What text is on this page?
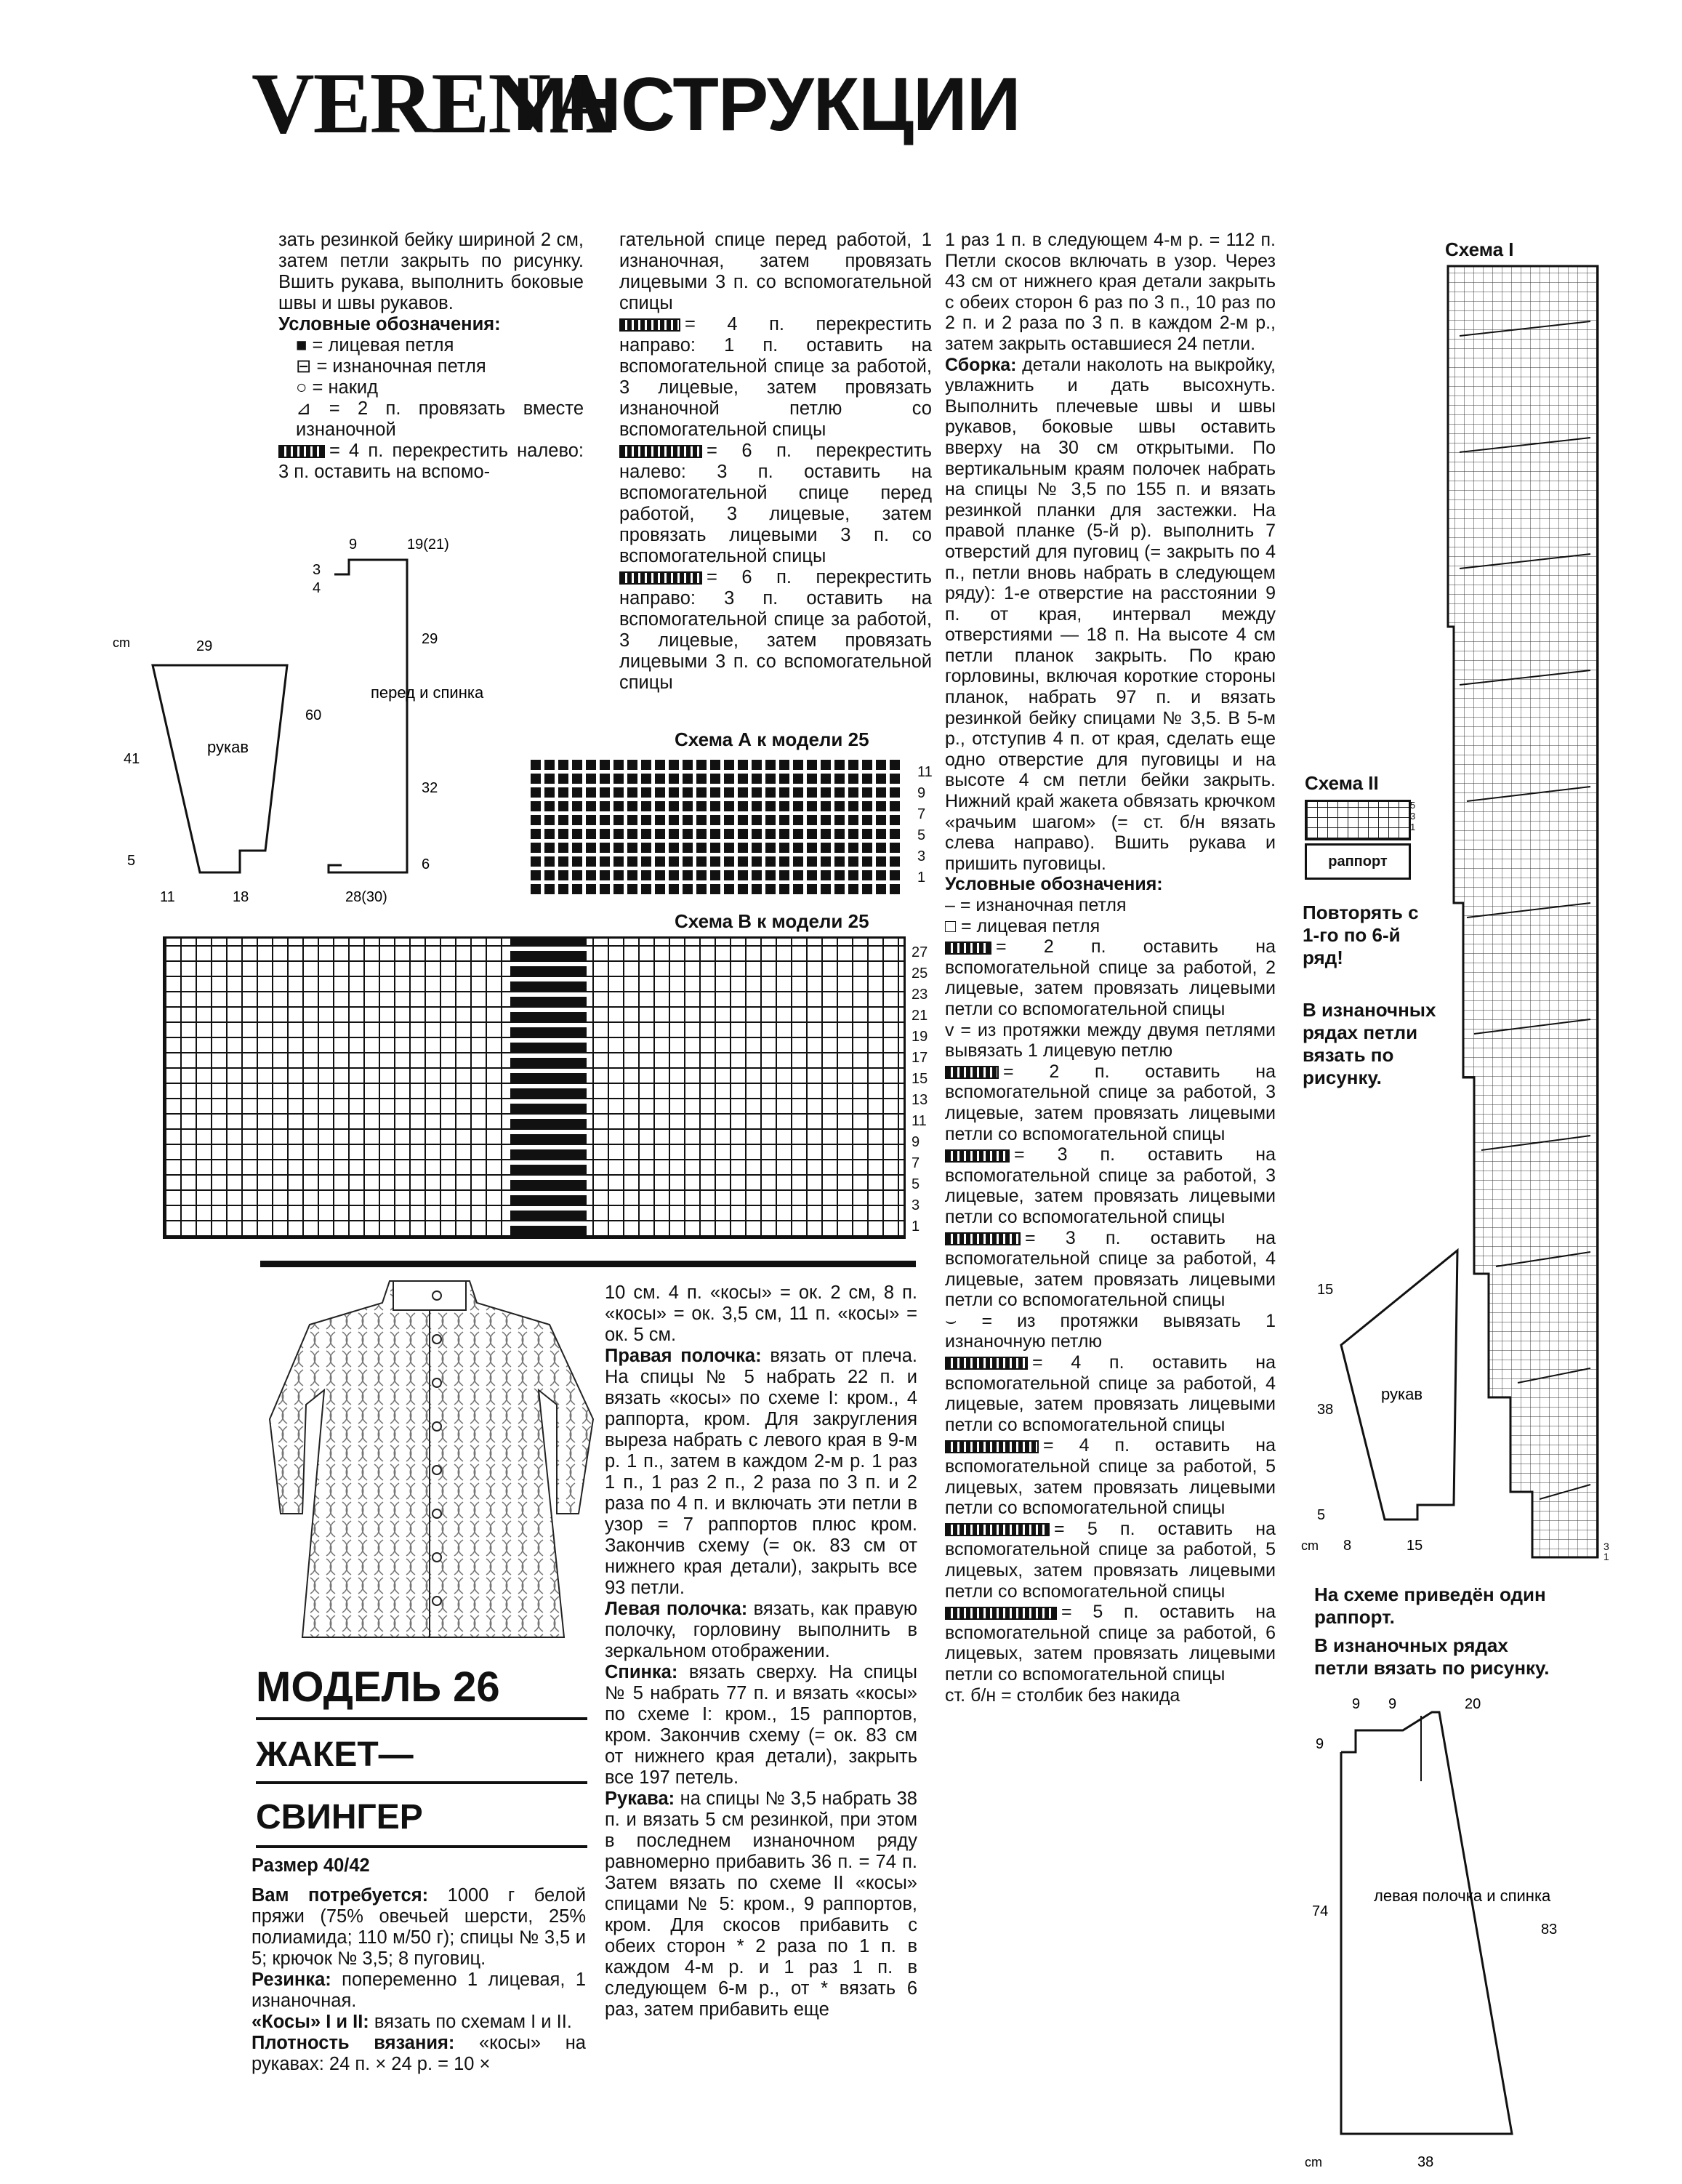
VERENA
ИНСТРУКЦИИ

зать резинкой бейку шириной 2 см, затем петли закрыть по рисунку. Вшить рукава, выполнить боковые швы и швы рукавов.

Условные обозначения:

■ = лицевая петля

⊟ = изнаночная петля

○ = накид

⊿ = 2 п. провязать вместе изнаночной

= 4 п. перекрестить налево: 3 п. оставить на вспомо-

гательной спице перед работой, 1 изнаночная, затем провязать лицевыми 3 п. со вспомогательной спицы

= 4 п. перекрестить направо: 1 п. оставить на вспомогательной спице за работой, 3 лицевые, затем провязать изнаночной петлю со вспомогательной спицы

= 6 п. перекрестить налево: 3 п. оставить на вспомогательной спице перед работой, 3 лицевые, затем провязать лицевыми 3 п. со вспомогательной спицы

= 6 п. перекрестить направо: 3 п. оставить на вспомогательной спице за работой, 3 лицевые, затем провязать лицевыми 3 п. со вспомогательной спицы

рукав
перед и спинка
29
41
5
11	18
9	19(21)
3
4
60
29
32
6
28(30)
cm
Схема А к модели 25
11
9
7
5
3
1
Схема В к модели 25
27
25
23
21
19
17
15
13
11
9
7
5
3
1

1 раз 1 п. в следующем 4-м р. = 112 п. Петли скосов включать в узор. Через 43 см от нижнего края детали закрыть с обеих сторон 6 раз по 3 п., 10 раз по 2 п. и 2 раза по 3 п. в каждом 2-м р., затем закрыть оставшиеся 24 петли.

Сборка: детали наколоть на выкройку, увлажнить и дать высохнуть. Выполнить плечевые швы и швы рукавов, боковые швы оставить вверху на 30 см открытыми. По вертикальным краям полочек набрать на спицы № 3,5 по 155 п. и вязать резинкой планки для застежки. На правой планке (5-й р). выполнить 7 отверстий для пуговиц (= закрыть по 4 п., петли вновь набрать в следующем ряду): 1-е отверстие на расстоянии 9 п. от края, интервал между отверстиями — 18 п. На высоте 4 см петли планок закрыть. По краю горловины, включая короткие стороны планок, набрать 97 п. и вязать резинкой бейку спицами № 3,5. В 5-м р., отступив 4 п. от края, сделать еще одно отверстие для пуговицы и на высоте 4 см петли бейки закрыть. Нижний край жакета обвязать крючком «рачьим шагом» (= ст. б/н вязать слева направо). Вшить рукава и пришить пуговицы.

Условные обозначения:

– = изнаночная петля

□ = лицевая петля

= 2 п. оставить на вспомогательной спице за работой, 2 лицевые, затем провязать лицевыми петли со вспомогательной спицы

v = из протяжки между двумя петлями вывязать 1 лицевую петлю

= 2 п. оставить на вспомогательной спице за работой, 3 лицевые, затем провязать лицевыми петли со вспомогательной спицы

= 3 п. оставить на вспомогательной спице за работой, 3 лицевые, затем провязать лицевыми петли со вспомогательной спицы

= 3 п. оставить на вспомогательной спице за работой, 4 лицевые, затем провязать лицевыми петли со вспомогательной спицы

⌣ = из протяжки вывязать 1 изнаночную петлю

= 4 п. оставить на вспомогательной спице за работой, 4 лицевые, затем провязать лицевыми петли со вспомогательной спицы

= 4 п. оставить на вспомогательной спице за работой, 5 лицевых, затем провязать лицевыми петли со вспомогательной спицы

= 5 п. оставить на вспомогательной спице за работой, 5 лицевых, затем провязать лицевыми петли со вспомогательной спицы

= 5 п. оставить на вспомогательной спице за работой, 6 лицевых, затем провязать лицевыми петли со вспомогательной спицы

ст. б/н = столбик без накида

Схема I
3
1
Схема II
раппорт
5
3
1
Повторять с 1-го по 6-й ряд!
В изнаночных рядах петли вязать по рисунку.
рукав
15
38
5
cm 8	15
На схеме приведён один раппорт.
В изнаночных рядах петли вязать по рисунку.
левая полочка и спинка
9 9	20
9
74
83
38
cm
МОДЕЛЬ 26
ЖАКЕТ—
СВИНГЕР

Размер 40/42

Вам потребуется: 1000 г белой пряжи (75% овечьей шерсти, 25% полиамида; 110 м/50 г); спицы № 3,5 и 5; крючок № 3,5; 8 пуговиц.

Резинка: попеременно 1 лицевая, 1 изнаночная.

«Косы» I и II: вязать по схемам I и II.

Плотность вязания: «косы» на рукавах: 24 п. × 24 р. = 10 ×

10 см. 4 п. «косы» = ок. 2 см, 8 п. «косы» = ок. 3,5 см, 11 п. «косы» = ок. 5 см.

Правая полочка: вязать от плеча. На спицы № 5 набрать 22 п. и вязать «косы» по схеме I: кром., 4 раппорта, кром. Для закругления выреза набрать с левого края в 9-м р. 1 п., затем в каждом 2-м р. 1 раз 1 п., 1 раз 2 п., 2 раза по 3 п. и 2 раза по 4 п. и включать эти петли в узор = 7 раппортов плюс кром. Закончив схему (= ок. 83 см от нижнего края детали), закрыть все 93 петли.

Левая полочка: вязать, как правую полочку, горловину выполнить в зеркальном отображении.

Спинка: вязать сверху. На спицы № 5 набрать 77 п. и вязать «косы» по схеме I: кром., 15 раппортов, кром. Закончив схему (= ок. 83 см от нижнего края детали), закрыть все 197 петель.

Рукава: на спицы № 3,5 набрать 38 п. и вязать 5 см резинкой, при этом в последнем изнаночном ряду равномерно прибавить 36 п. = 74 п. Затем вязать по схеме II «косы» спицами № 5: кром., 9 раппортов, кром. Для скосов прибавить с обеих сторон * 2 раза по 1 п. в каждом 4-м р. и 1 раз 1 п. в следующем 6-м р., от * вязать 6 раз, затем прибавить еще
